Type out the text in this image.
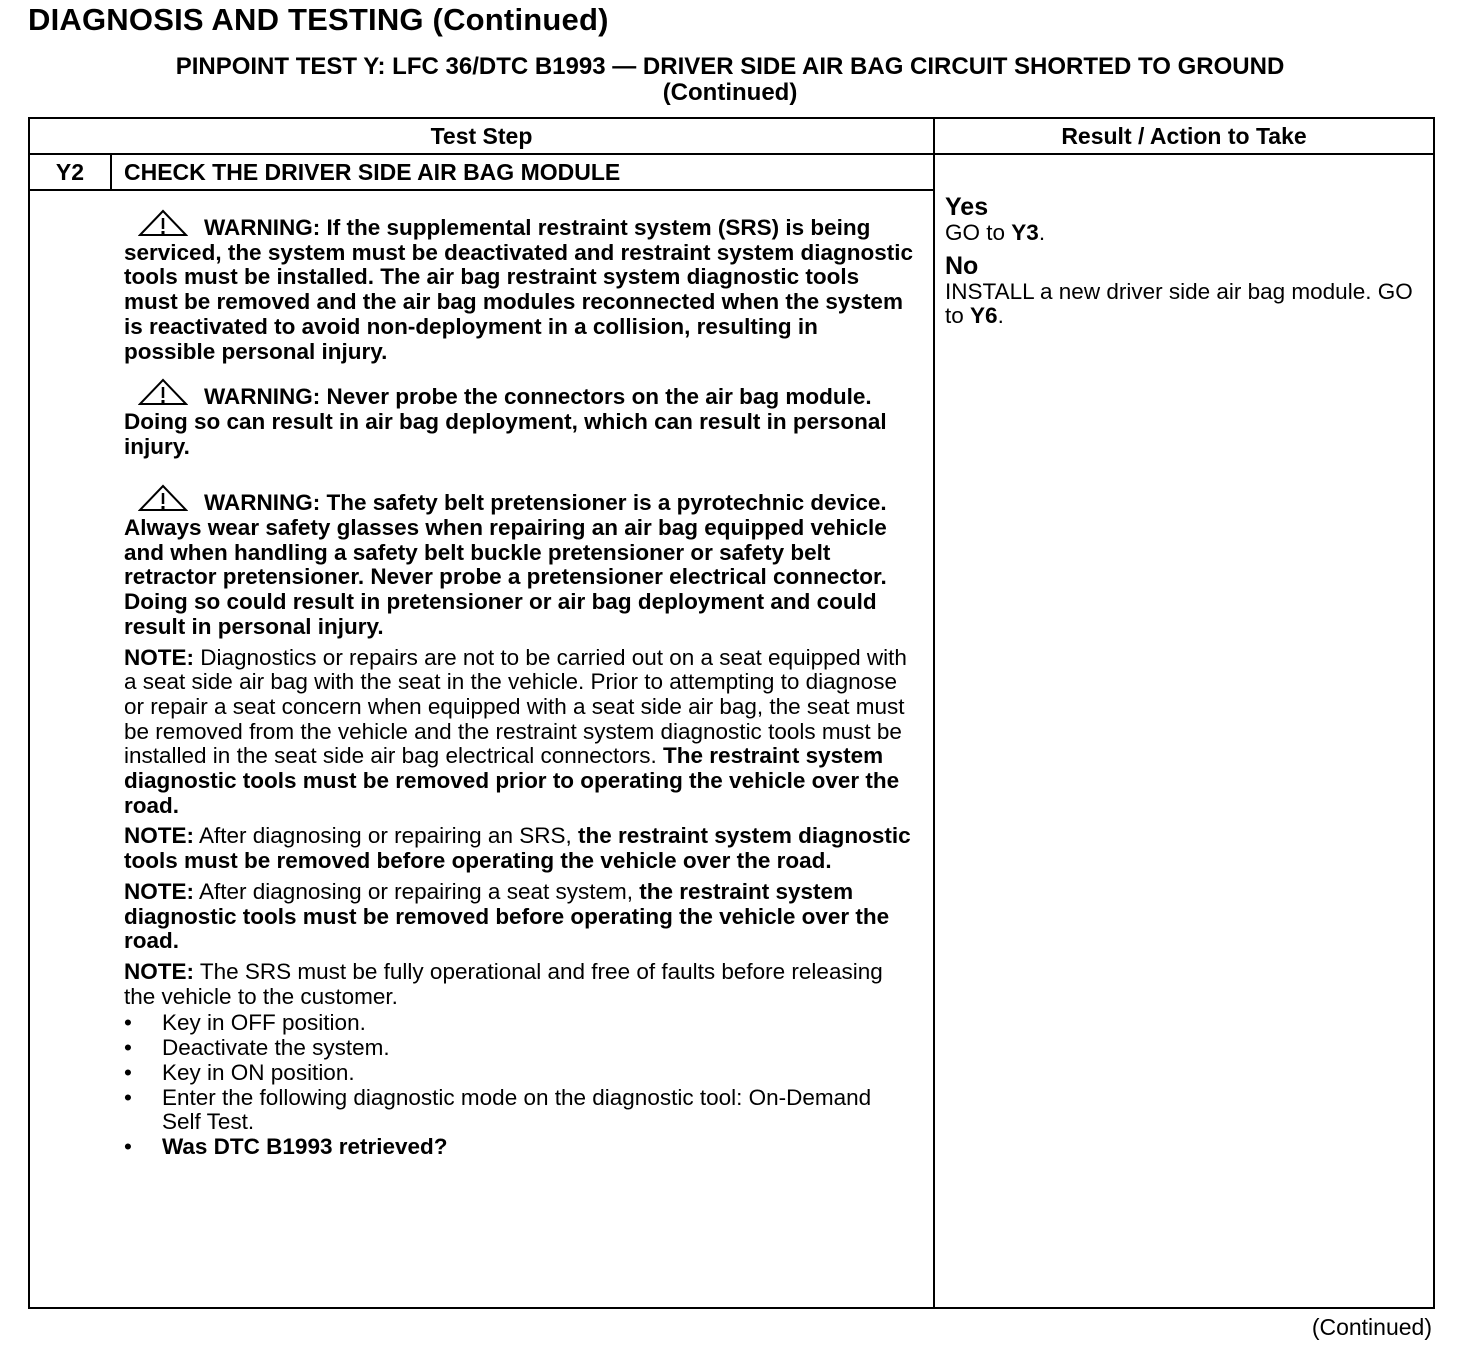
DIAGNOSIS AND TESTING (Continued)
PINPOINT TEST Y: LFC 36/DTC B1993 — DRIVER SIDE AIR BAG CIRCUIT SHORTED TO GROUND
(Continued)
Test Step	Result / Action to Take
Y2	CHECK THE DRIVER SIDE AIR BAG MODULE

WARNING: If the supplemental restraint system (SRS) is being serviced, the system must be deactivated and restraint system diagnostic tools must be installed. The air bag restraint system diagnostic tools must be removed and the air bag modules reconnected when the system is reactivated to avoid non-deployment in a collision, resulting in possible personal injury.

WARNING: Never probe the connectors on the air bag module. Doing so can result in air bag deployment, which can result in personal injury.

WARNING: The safety belt pretensioner is a pyrotechnic device. Always wear safety glasses when repairing an air bag equipped vehicle and when handling a safety belt buckle pretensioner or safety belt retractor pretensioner. Never probe a pretensioner electrical connector. Doing so could result in pretensioner or air bag deployment and could result in personal injury.

NOTE: Diagnostics or repairs are not to be carried out on a seat equipped with a seat side air bag with the seat in the vehicle. Prior to attempting to diagnose or repair a seat concern when equipped with a seat side air bag, the seat must be removed from the vehicle and the restraint system diagnostic tools must be installed in the seat side air bag electrical connectors. The restraint system diagnostic tools must be removed prior to operating the vehicle over the road.

NOTE: After diagnosing or repairing an SRS, the restraint system diagnostic tools must be removed before operating the vehicle over the road.

NOTE: After diagnosing or repairing a seat system, the restraint system diagnostic tools must be removed before operating the vehicle over the road.

NOTE: The SRS must be fully operational and free of faults before releasing the vehicle to the customer.

• Key in OFF position.
• Deactivate the system.
• Key in ON position.
• Enter the following diagnostic mode on the diagnostic tool: On-Demand Self Test.
• Was DTC B1993 retrieved?

Yes

GO to Y3.

No

INSTALL a new driver side air bag module. GO to Y6.

(Continued)
